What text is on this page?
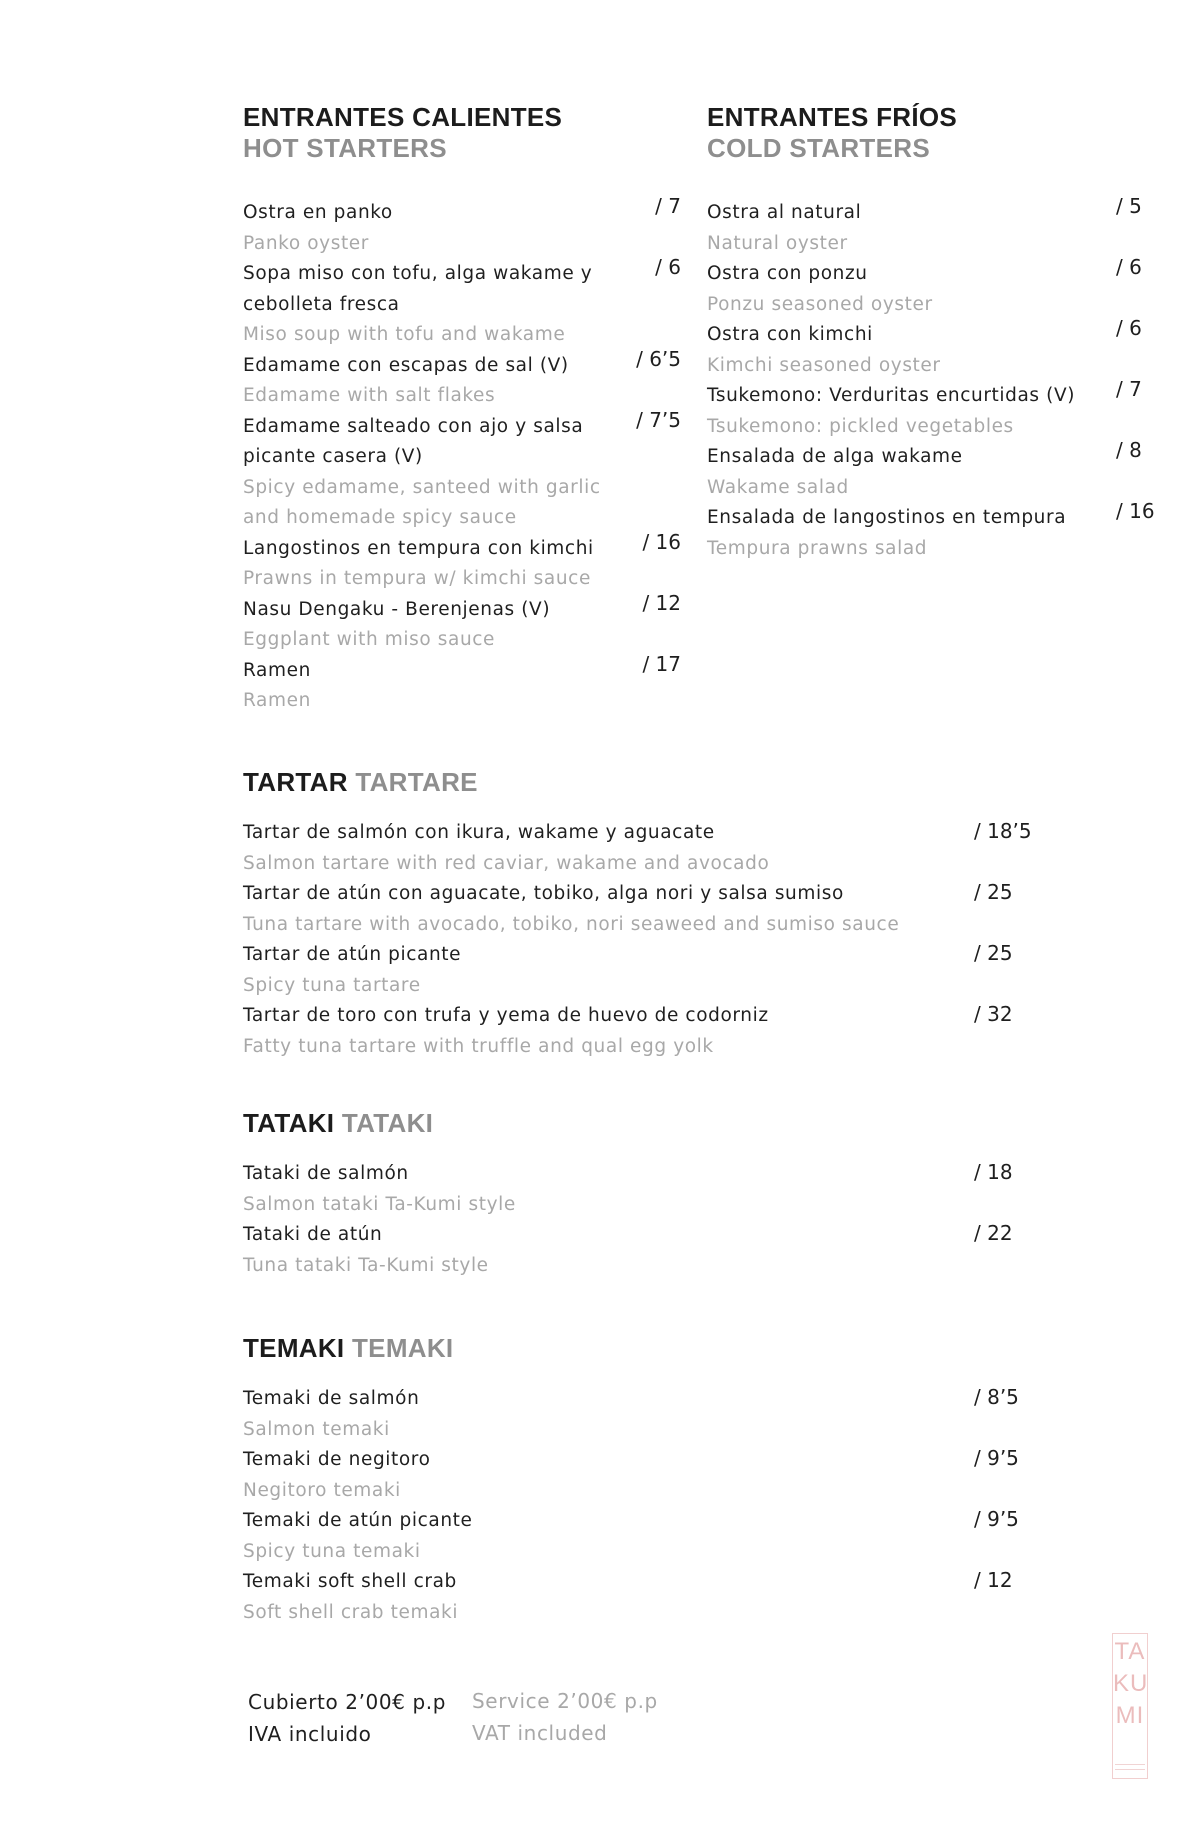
ENTRANTES CALIENTES
HOT STARTERS
Ostra en panko
Panko oyster
/ 7
Sopa miso con tofu, alga wakame y cebolleta fresca
Miso soup with tofu and wakame
/ 6
Edamame con escapas de sal (V)
Edamame with salt flakes
/ 6’5
Edamame salteado con ajo y salsa picante casera (V)
Spicy edamame, santeed with garlic and homemade spicy sauce
/ 7’5
Langostinos en tempura con kimchi
Prawns in tempura w/ kimchi sauce
/ 16
Nasu Dengaku - Berenjenas (V)
Eggplant with miso sauce
/ 12
Ramen
Ramen
/ 17
ENTRANTES FRÍOS
COLD STARTERS
Ostra al natural
Natural oyster
/ 5
Ostra con ponzu
Ponzu seasoned oyster
/ 6
Ostra con kimchi
Kimchi seasoned oyster
/ 6
Tsukemono: Verduritas encurtidas (V)
Tsukemono: pickled vegetables
/ 7
Ensalada de alga wakame
Wakame salad
/ 8
Ensalada de langostinos en tempura
Tempura prawns salad
/ 16
TARTAR TARTARE
Tartar de salmón con ikura, wakame y aguacate
Salmon tartare with red caviar, wakame and avocado
/ 18’5
Tartar de atún con aguacate, tobiko, alga nori y salsa sumiso
Tuna tartare with avocado, tobiko, nori seaweed and sumiso sauce
/ 25
Tartar de atún picante
Spicy tuna tartare
/ 25
Tartar de toro con trufa y yema de huevo de codorniz
Fatty tuna tartare with truffle and qual egg yolk
/ 32
TATAKI TATAKI
Tataki de salmón
Salmon tataki Ta-Kumi style
/ 18
Tataki de atún
Tuna tataki Ta-Kumi style
/ 22
TEMAKI TEMAKI
Temaki de salmón
Salmon temaki
/ 8’5
Temaki de negitoro
Negitoro temaki
/ 9’5
Temaki de atún picante
Spicy tuna temaki
/ 9’5
Temaki soft shell crab
Soft shell crab temaki
/ 12
Cubierto 2’00€ p.p	Service 2’00€ p.p
IVA incluido	VAT included
TA
KU
MI
